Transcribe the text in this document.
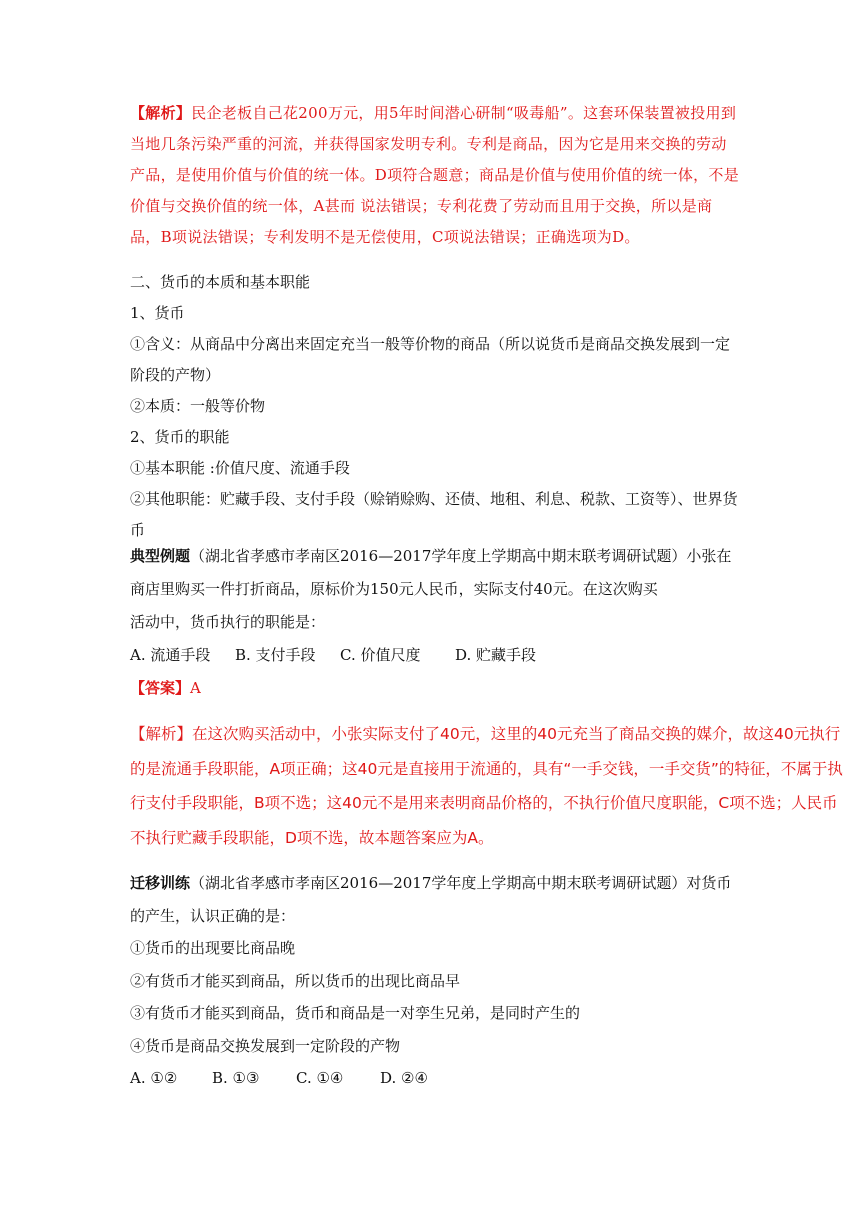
【解析】民企老板自己花200万元，用5年时间潜心研制“吸毒船”。这套环保装置被投用到当地几条污染严重的河流，并获得国家发明专利。专利是商品，因为它是用来交换的劳动产品，是使用价值与价值的统一体。D项符合题意；商品是价值与使用价值的统一体，不是价值与交换价值的统一体，A甚而 说法错误；专利花费了劳动而且用于交换，所以是商品，B项说法错误；专利发明不是无偿使用，C项说法错误；正确选项为D。
二、货币的本质和基本职能
1、货币
①含义：从商品中分离出来固定充当一般等价物的商品（所以说货币是商品交换发展到一定阶段的产物）
②本质：一般等价物
2、货币的职能
①基本职能 :价值尺度、流通手段
②其他职能：贮藏手段、支付手段（赊销赊购、还债、地租、利息、税款、工资等）、世界货币
典型例题（湖北省孝感市孝南区2016—2017学年度上学期高中期末联考调研试题）小张在商店里购买一件打折商品，原标价为150元人民币，实际支付40元。在这次购买
活动中，货币执行的职能是：
A. 流通手段 B. 支付手段 C. 价值尺度 D. 贮藏手段
【答案】A
【解析】在这次购买活动中，小张实际支付了40元，这里的40元充当了商品交换的媒介，故这40元执行的是流通手段职能，A项正确；这40元是直接用于流通的，具有“一手交钱，一手交货”的特征，不属于执行支付手段职能，B项不选；这40元不是用来表明商品价格的，不执行价值尺度职能，C项不选；人民币不执行贮藏手段职能，D项不选，故本题答案应为A。
迁移训练（湖北省孝感市孝南区2016—2017学年度上学期高中期末联考调研试题）对货币的产生，认识正确的是：
①货币的出现要比商品晚
②有货币才能买到商品，所以货币的出现比商品早
③有货币才能买到商品，货币和商品是一对孪生兄弟，是同时产生的
④货币是商品交换发展到一定阶段的产物
A. ①② B. ①③ C. ①④ D. ②④
